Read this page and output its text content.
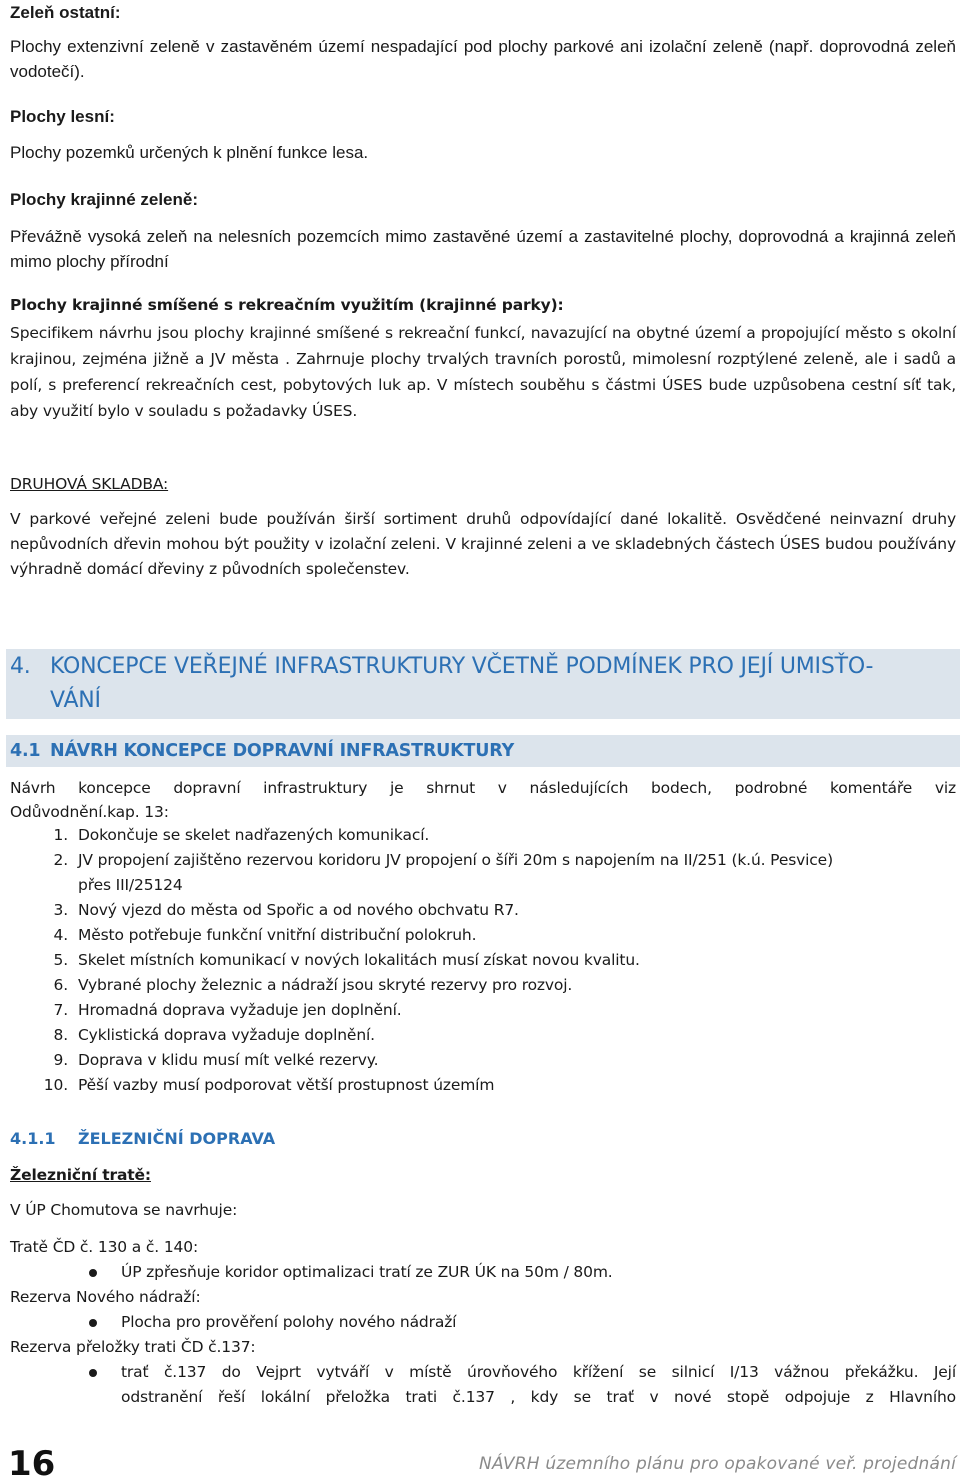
Zeleň ostatní:

Plochy extenzivní zeleně v zastavěném území nespadající pod plochy parkové ani izolační zeleně (např. doprovodná zeleň vodotečí).

Plochy lesní:

Plochy pozemků určených k plnění funkce lesa.

Plochy krajinné zeleně:

Převážně vysoká zeleň na nelesních pozemcích mimo zastavěné území a zastavitelné plochy, doprovodná a krajinná zeleň mimo plochy přírodní

Plochy krajinné smíšené s rekreačním využitím (krajinné parky):

Specifikem návrhu jsou plochy krajinné smíšené s rekreační funkcí, navazující na obytné území a propojující město s okolní krajinou, zejména jižně a JV města . Zahrnuje plochy trvalých travních porostů, mimolesní rozptýlené zeleně, ale i sadů a polí, s preferencí rekreačních cest, pobytových luk ap. V místech souběhu s částmi ÚSES bude uzpůsobena cestní síť tak, aby využití bylo v souladu s požadavky ÚSES.

DRUHOVÁ SKLADBA:

V parkové veřejné zeleni bude používán širší sortiment druhů odpovídající dané lokalitě. Osvědčené neinvazní druhy nepůvodních dřevin mohou být použity v izolační zeleni. V krajinné zeleni a ve skladebných částech ÚSES budou používány výhradně domácí dřeviny z původních společenstev.

4. KONCEPCE VEŘEJNÉ INFRASTRUKTURY VČETNĚ PODMÍNEK PRO JEJÍ UMISŤO-
VÁNÍ
4.1 NÁVRH KONCEPCE DOPRAVNÍ INFRASTRUKTURY

Návrh koncepce dopravní infrastruktury je shrnut v následujících bodech, podrobné komentáře viz

Odůvodnění.kap. 13:

1. Dokončuje se skelet nadřazených komunikací.
2. JV propojení zajištěno rezervou koridoru JV propojení o šíři 20m s napojením na II/251 (k.ú. Pesvice)
přes III/25124
3. Nový vjezd do města od Spořic a od nového obchvatu R7.
4. Město potřebuje funkční vnitřní distribuční polokruh.
5. Skelet místních komunikací v nových lokalitách musí získat novou kvalitu.
6. Vybrané plochy železnic a nádraží jsou skryté rezervy pro rozvoj.
7. Hromadná doprava vyžaduje jen doplnění.
8. Cyklistická doprava vyžaduje doplnění.
9. Doprava v klidu musí mít velké rezervy.
10. Pěší vazby musí podporovat větší prostupnost územím
4.1.1 ŽELEZNIČNÍ DOPRAVA

Železniční tratě:

V ÚP Chomutova se navrhuje:

Tratě ČD č. 130 a č. 140:
ÚP zpřesňuje koridor optimalizaci tratí ze ZUR ÚK na 50m / 80m.
Rezerva Nového nádraží:
Plocha pro prověření polohy nového nádraží
Rezerva přeložky trati ČD č.137:
trať č.137 do Vejprt vytváří v místě úrovňového křížení se silnicí I/13 vážnou překážku. Její
odstranění řeší lokální přeložka trati č.137 , kdy se trať v nové stopě odpojuje z Hlavního

16	NÁVRH územního plánu pro opakované veř. projednání
